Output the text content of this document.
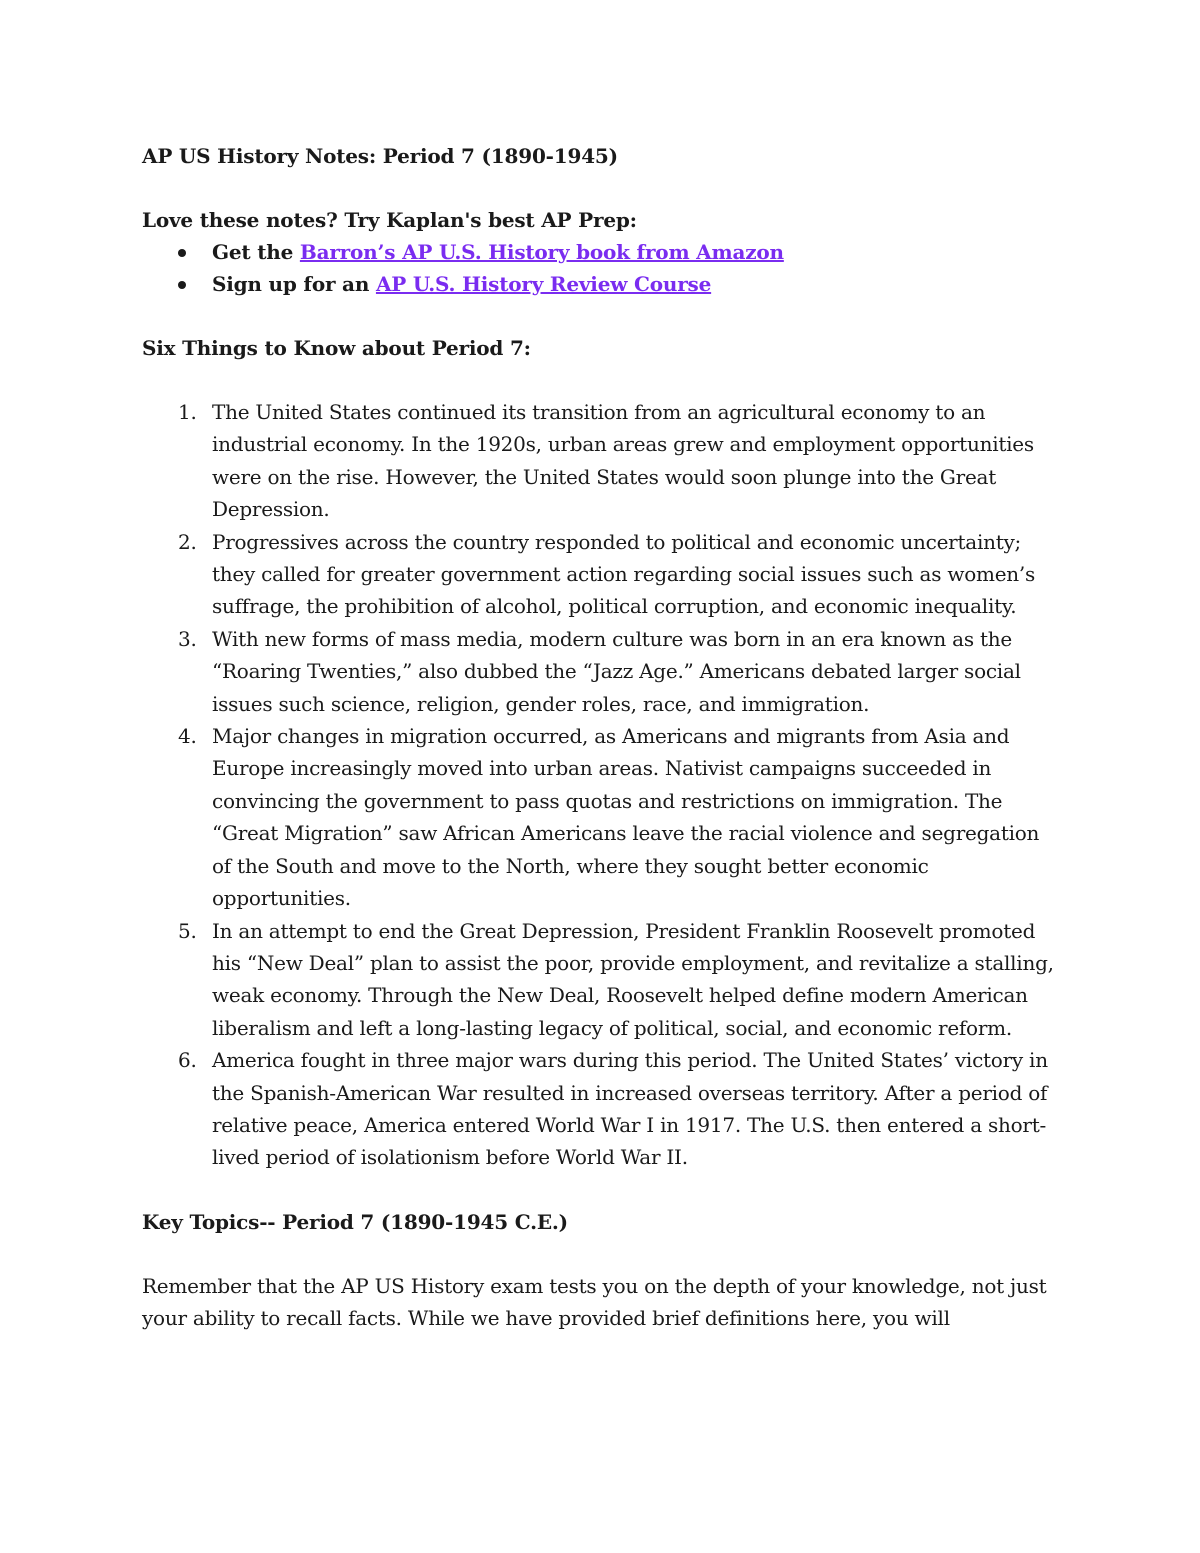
AP US History Notes: Period 7 (1890-1945)

Love these notes? Try Kaplan's best AP Prep:

Get the Barron’s AP U.S. History book from Amazon
Sign up for an AP U.S. History Review Course

Six Things to Know about Period 7:

1. The United States continued its transition from an agricultural economy to an industrial economy. In the 1920s, urban areas grew and employment opportunities were on the rise. However, the United States would soon plunge into the Great Depression.
2. Progressives across the country responded to political and economic uncertainty; they called for greater government action regarding social issues such as women’s suffrage, the prohibition of alcohol, political corruption, and economic inequality.
3. With new forms of mass media, modern culture was born in an era known as the “Roaring Twenties,” also dubbed the “Jazz Age.” Americans debated larger social issues such science, religion, gender roles, race, and immigration.
4. Major changes in migration occurred, as Americans and migrants from Asia and Europe increasingly moved into urban areas. Nativist campaigns succeeded in convincing the government to pass quotas and restrictions on immigration. The “Great Migration” saw African Americans leave the racial violence and segregation of the South and move to the North, where they sought better economic opportunities.
5. In an attempt to end the Great Depression, President Franklin Roosevelt promoted his “New Deal” plan to assist the poor, provide employment, and revitalize a stalling, weak economy. Through the New Deal, Roosevelt helped define modern American liberalism and left a long-lasting legacy of political, social, and economic reform.
6. America fought in three major wars during this period. The United States’ victory in the Spanish-American War resulted in increased overseas territory. After a period of relative peace, America entered World War I in 1917. The U.S. then entered a short-lived period of isolationism before World War II.

Key Topics-- Period 7 (1890-1945 C.E.)

Remember that the AP US History exam tests you on the depth of your knowledge, not just your ability to recall facts. While we have provided brief definitions here, you will
